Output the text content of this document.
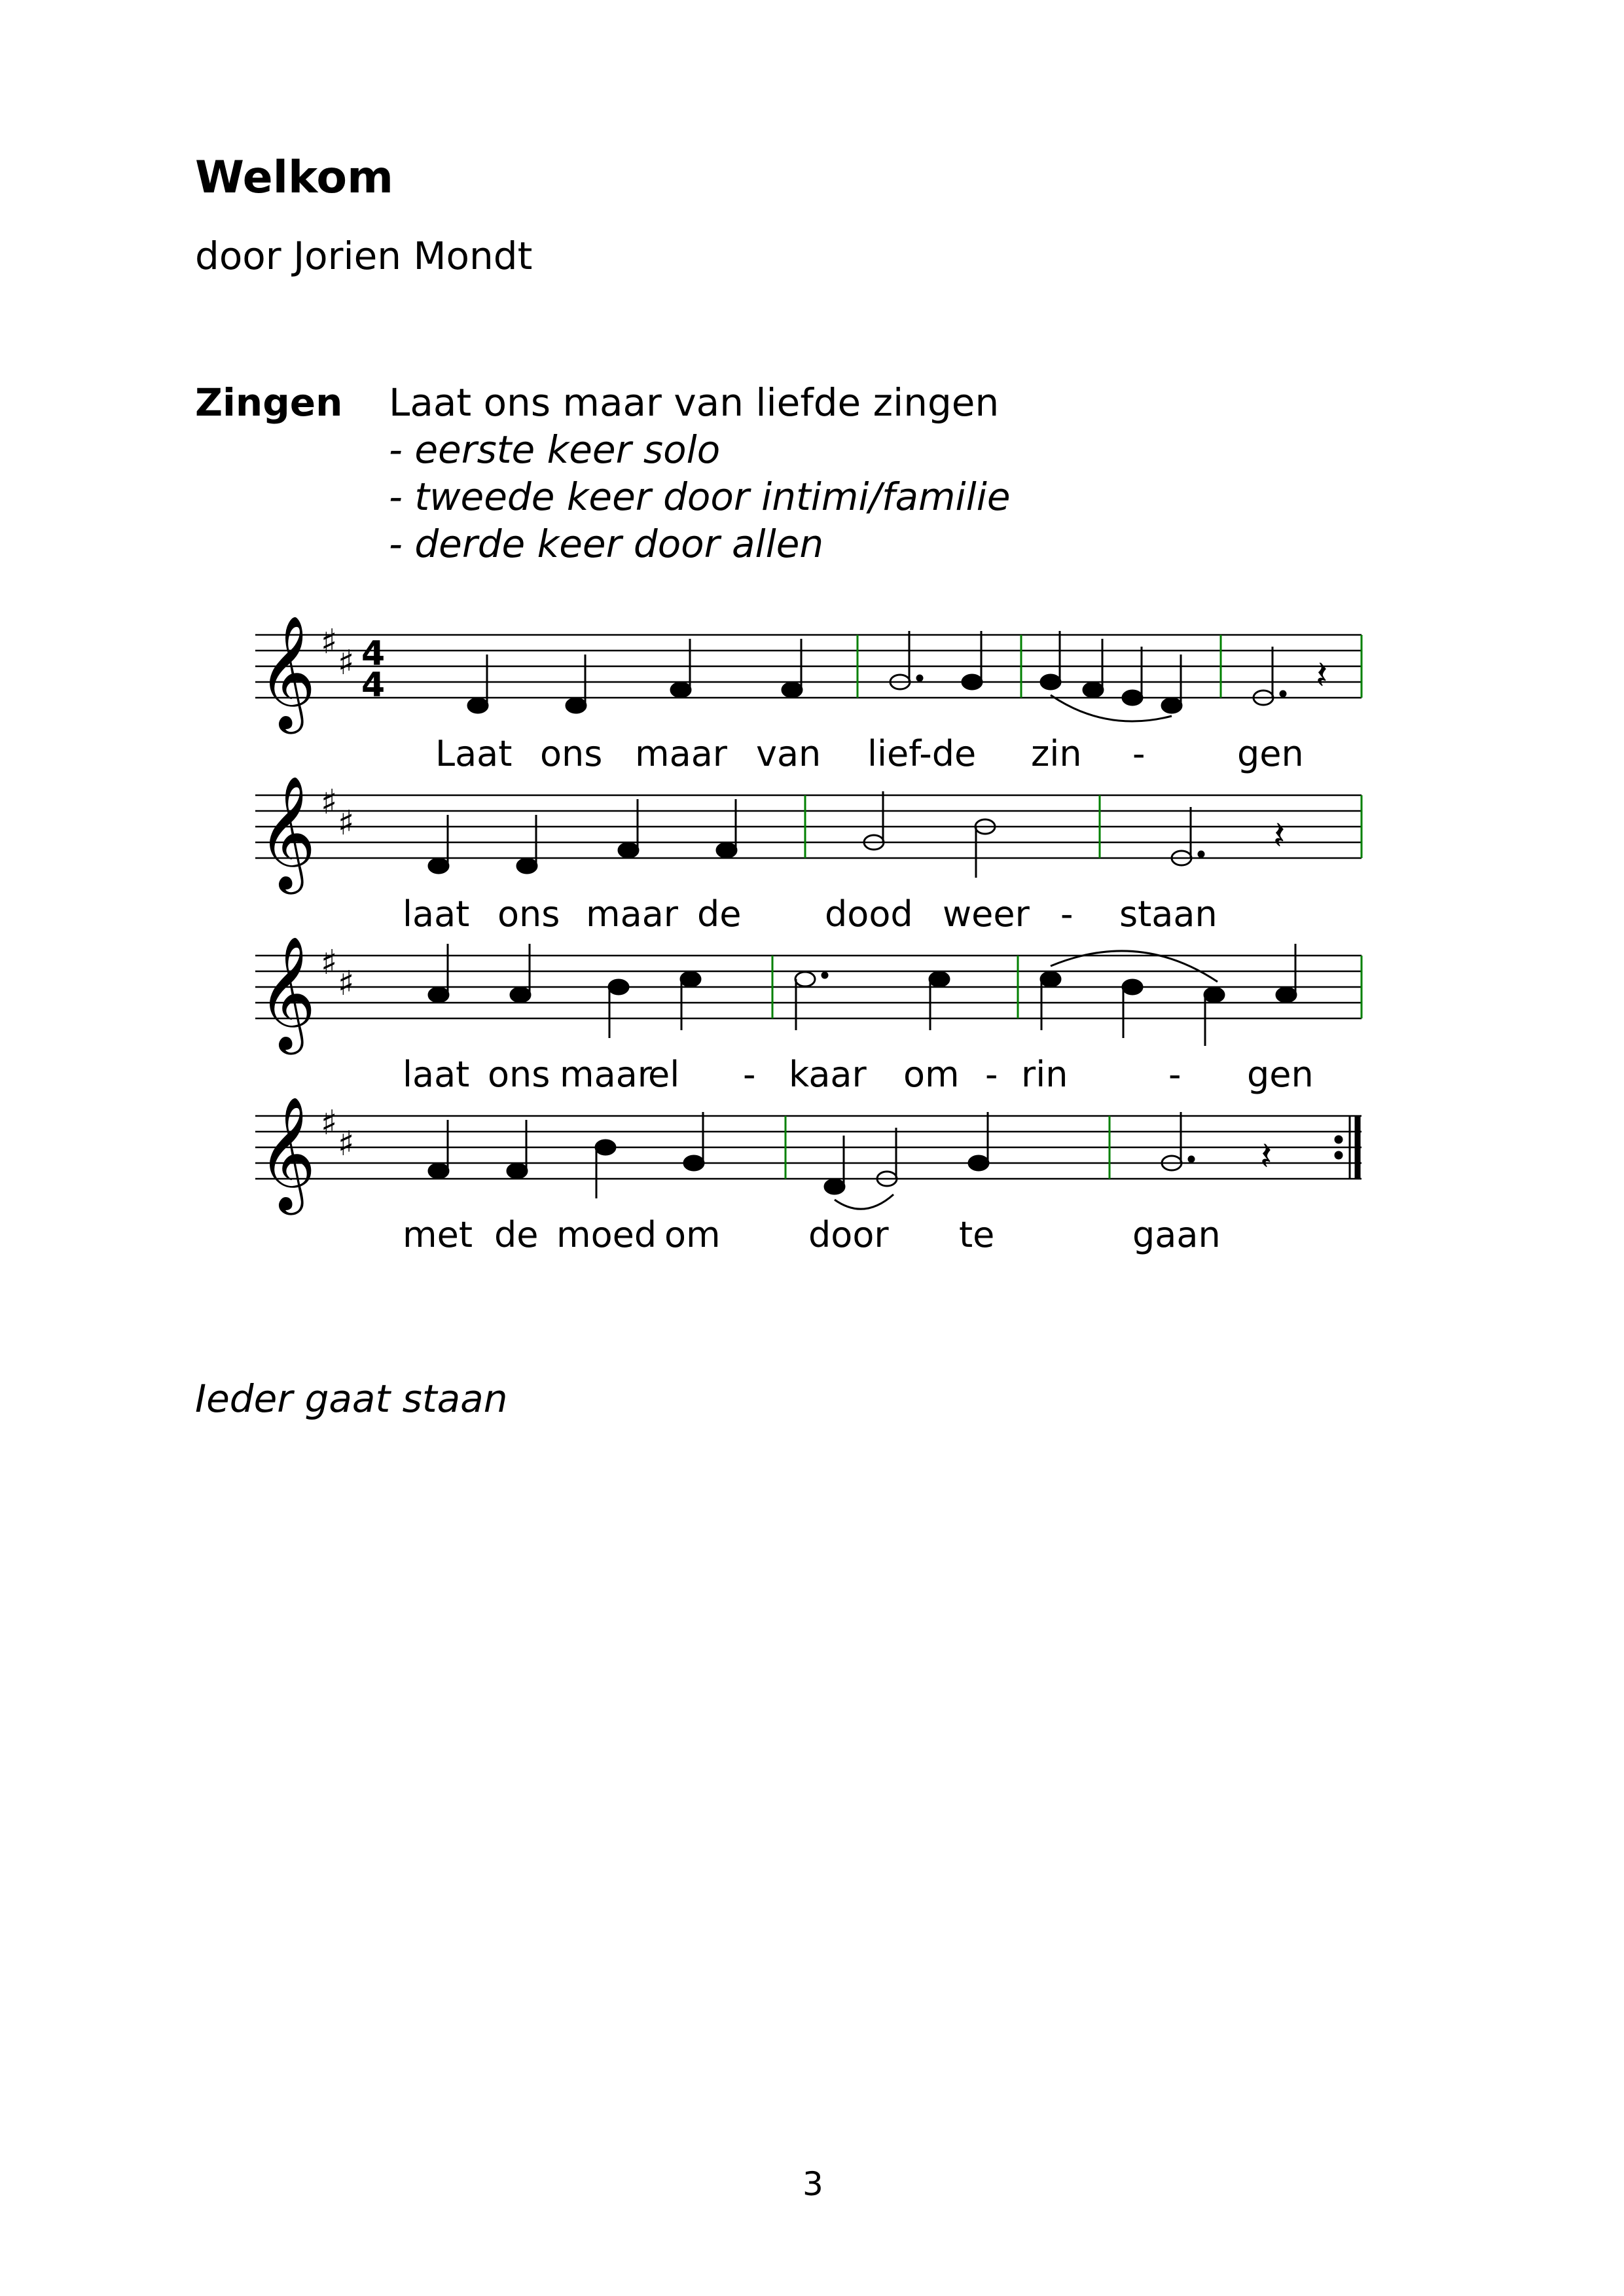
Welkom
door Jorien Mondt
Zingen Laat ons maar van liefde zingen
- eerste keer solo
- tweede keer door intimi/familie
- derde keer door allen
𝄞 ♯
♯ 4
4	𝄽
Laat ons maar van lief-de zin -	gen
𝄞 ♯
♯	𝄽
laat ons maar de dood weer - staan
𝄞 ♯
♯
laat ons maar
el - kaar om - rin	- gen
𝄞 ♯
♯	𝄽
met de moed om door te	gaan
Ieder gaat staan
3
